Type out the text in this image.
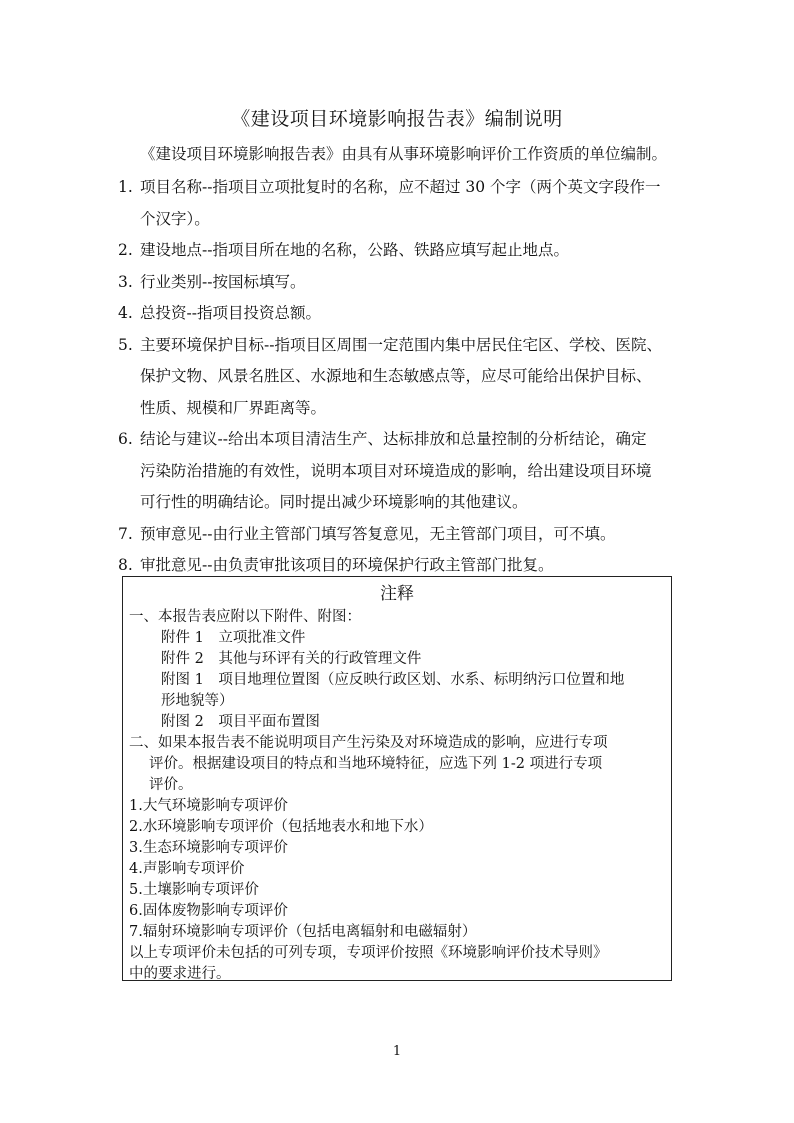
《建设项目环境影响报告表》编制说明
《建设项目环境影响报告表》由具有从事环境影响评价工作资质的单位编制。
1. 项目名称--指项目立项批复时的名称，应不超过 30 个字（两个英文字段作一
个汉字）。
2. 建设地点--指项目所在地的名称，公路、铁路应填写起止地点。
3. 行业类别--按国标填写。
4. 总投资--指项目投资总额。
5. 主要环境保护目标--指项目区周围一定范围内集中居民住宅区、学校、医院、
保护文物、风景名胜区、水源地和生态敏感点等，应尽可能给出保护目标、
性质、规模和厂界距离等。
6. 结论与建议--给出本项目清洁生产、达标排放和总量控制的分析结论，确定
污染防治措施的有效性，说明本项目对环境造成的影响，给出建设项目环境
可行性的明确结论。同时提出减少环境影响的其他建议。
7. 预审意见--由行业主管部门填写答复意见，无主管部门项目，可不填。
8. 审批意见--由负责审批该项目的环境保护行政主管部门批复。
注释
一、本报告表应附以下附件、附图：
附件 1　立项批准文件
附件 2　其他与环评有关的行政管理文件
附图 1　项目地理位置图（应反映行政区划、水系、标明纳污口位置和地
形地貌等）
附图 2　项目平面布置图
二、如果本报告表不能说明项目产生污染及对环境造成的影响，应进行专项
评价。根据建设项目的特点和当地环境特征，应选下列 1-2 项进行专项
评价。
1.大气环境影响专项评价
2.水环境影响专项评价（包括地表水和地下水）
3.生态环境影响专项评价
4.声影响专项评价
5.土壤影响专项评价
6.固体废物影响专项评价
7.辐射环境影响专项评价（包括电离辐射和电磁辐射）
以上专项评价未包括的可列专项，专项评价按照《环境影响评价技术导则》
中的要求进行。
1
